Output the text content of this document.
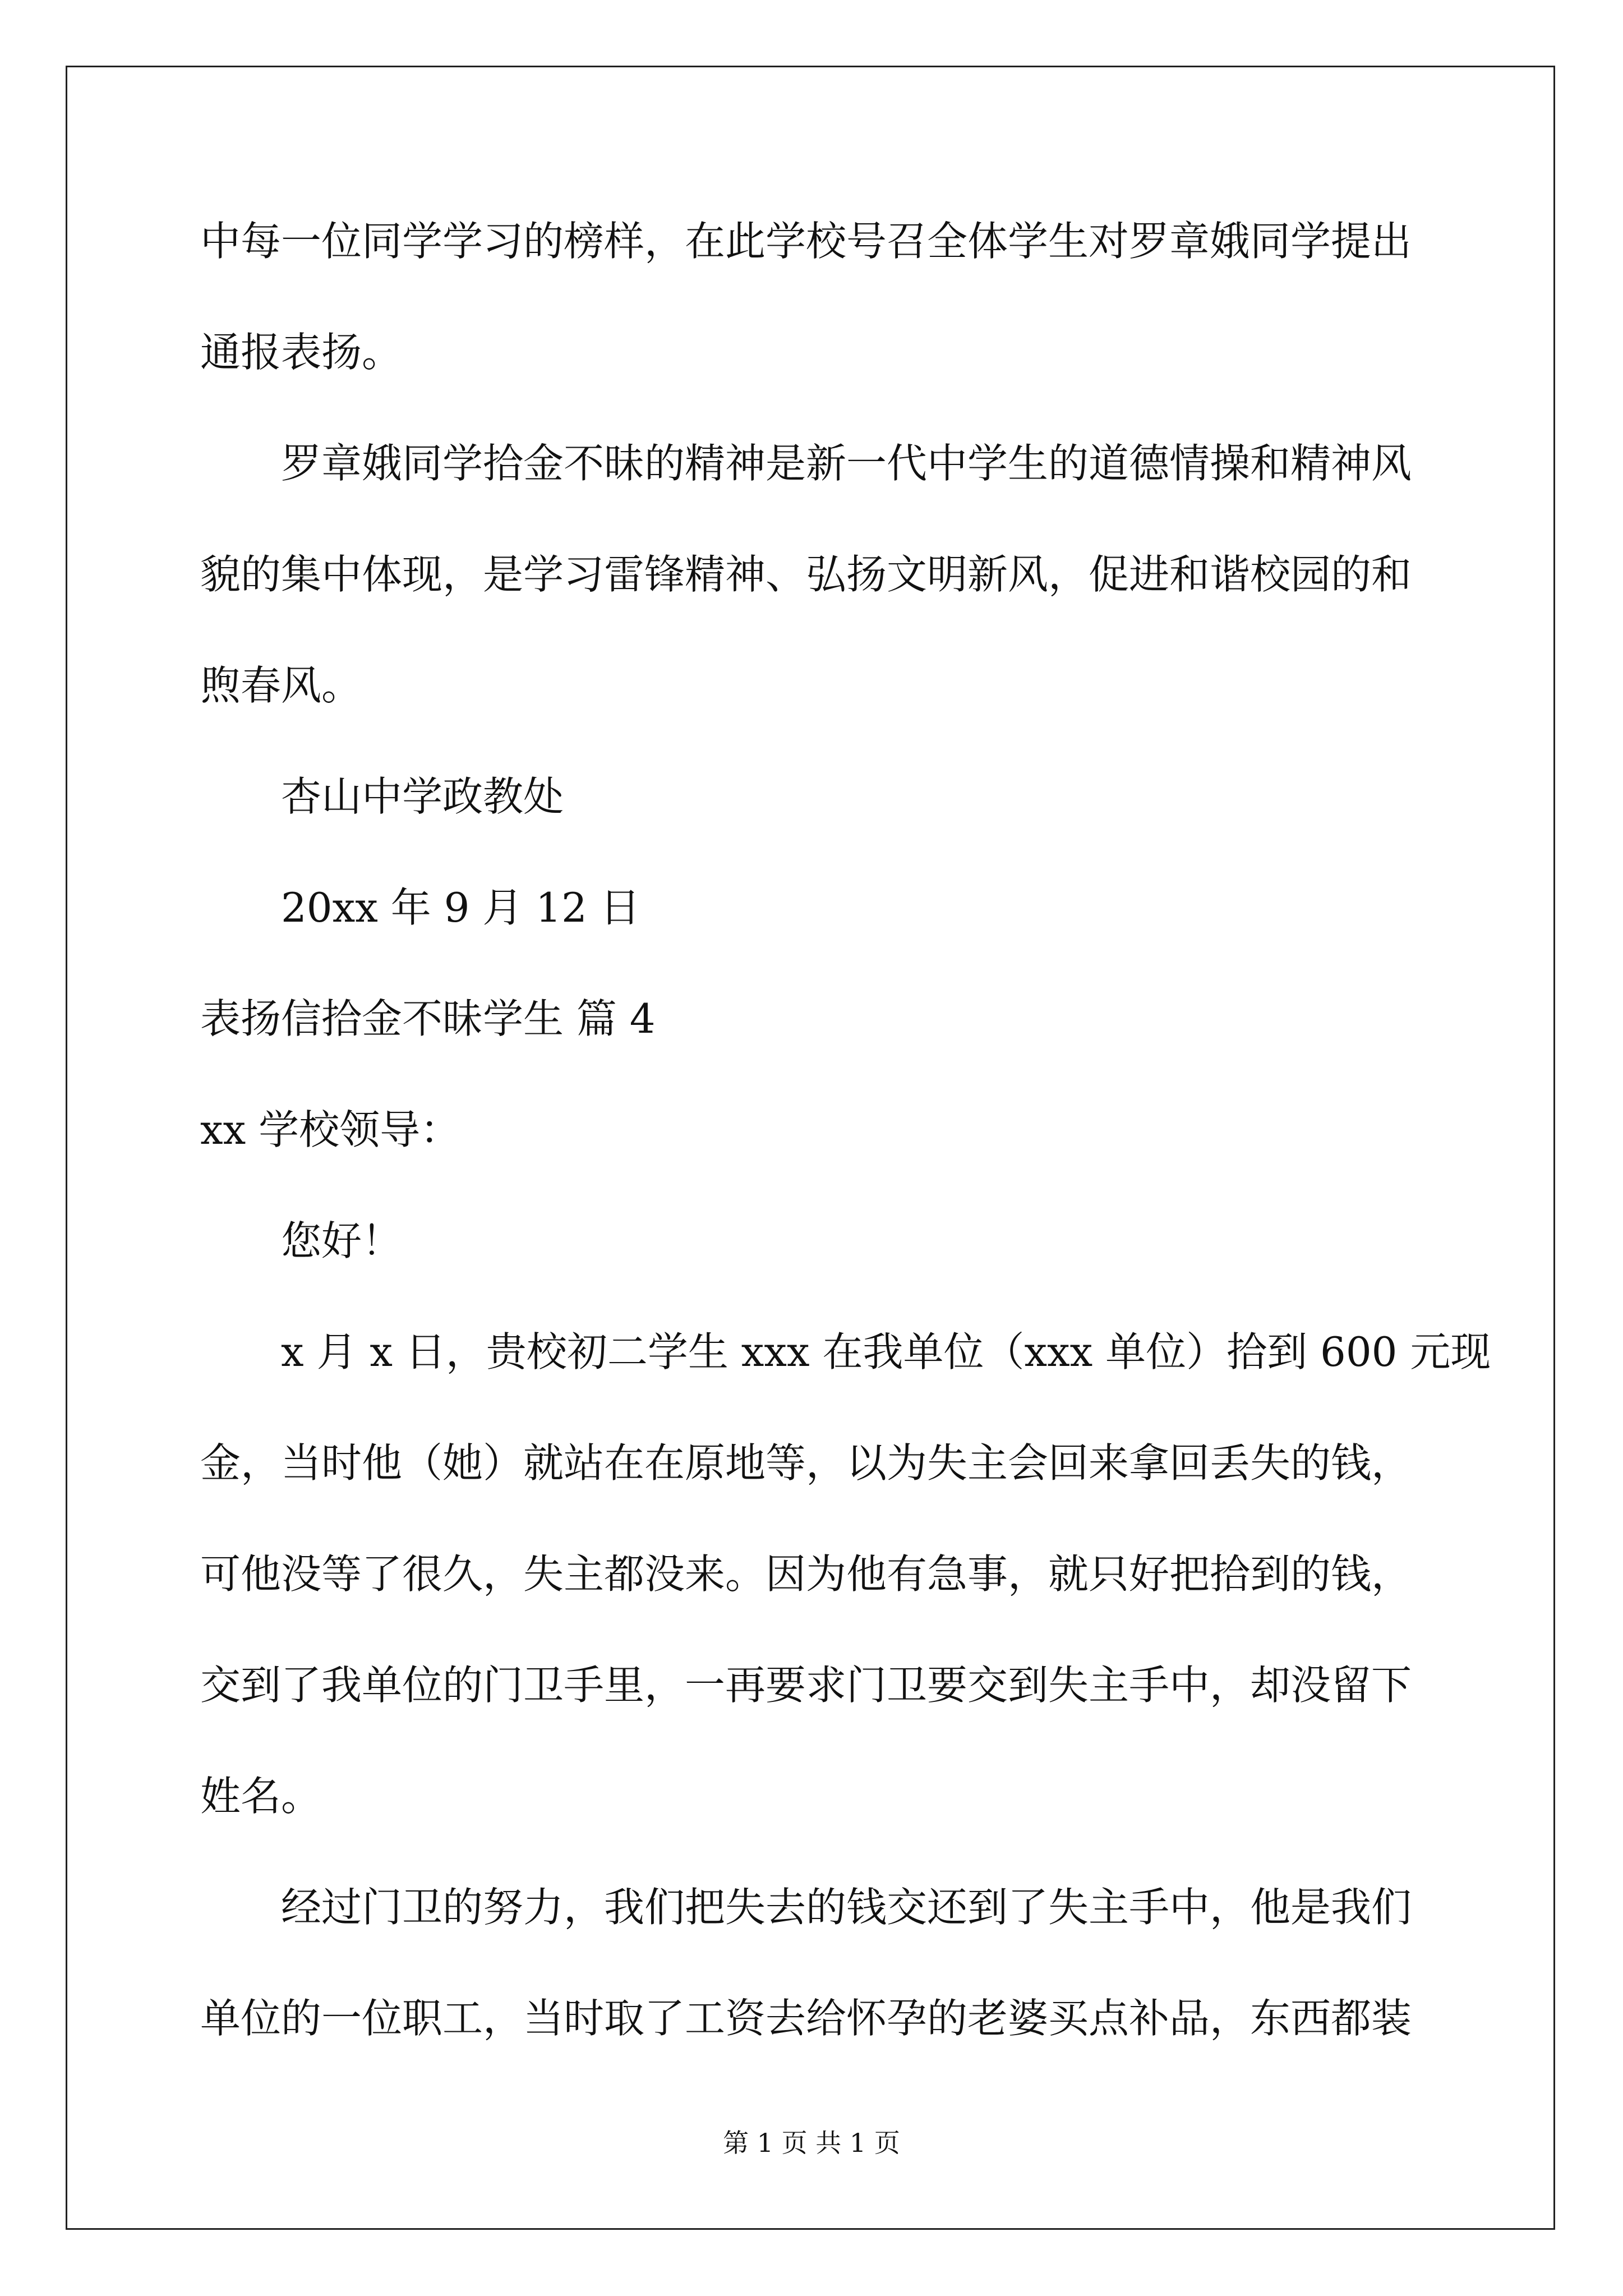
中每一位同学学习的榜样，在此学校号召全体学生对罗章娥同学提出
通报表扬。
罗章娥同学拾金不昧的精神是新一代中学生的道德情操和精神风
貌的集中体现，是学习雷锋精神、弘扬文明新风，促进和谐校园的和
煦春风。
杏山中学政教处
20xx 年 9 月 12 日
表扬信拾金不昧学生 篇 4
xx 学校领导：
您好！
x 月 x 日，贵校初二学生 xxx 在我单位（xxx 单位）拾到 600 元现
金，当时他（她）就站在在原地等，以为失主会回来拿回丢失的钱，
可他没等了很久，失主都没来。因为他有急事，就只好把拾到的钱，
交到了我单位的门卫手里，一再要求门卫要交到失主手中，却没留下
姓名。
经过门卫的努力，我们把失去的钱交还到了失主手中，他是我们
单位的一位职工，当时取了工资去给怀孕的老婆买点补品，东西都装
第 1 页 共 1 页
